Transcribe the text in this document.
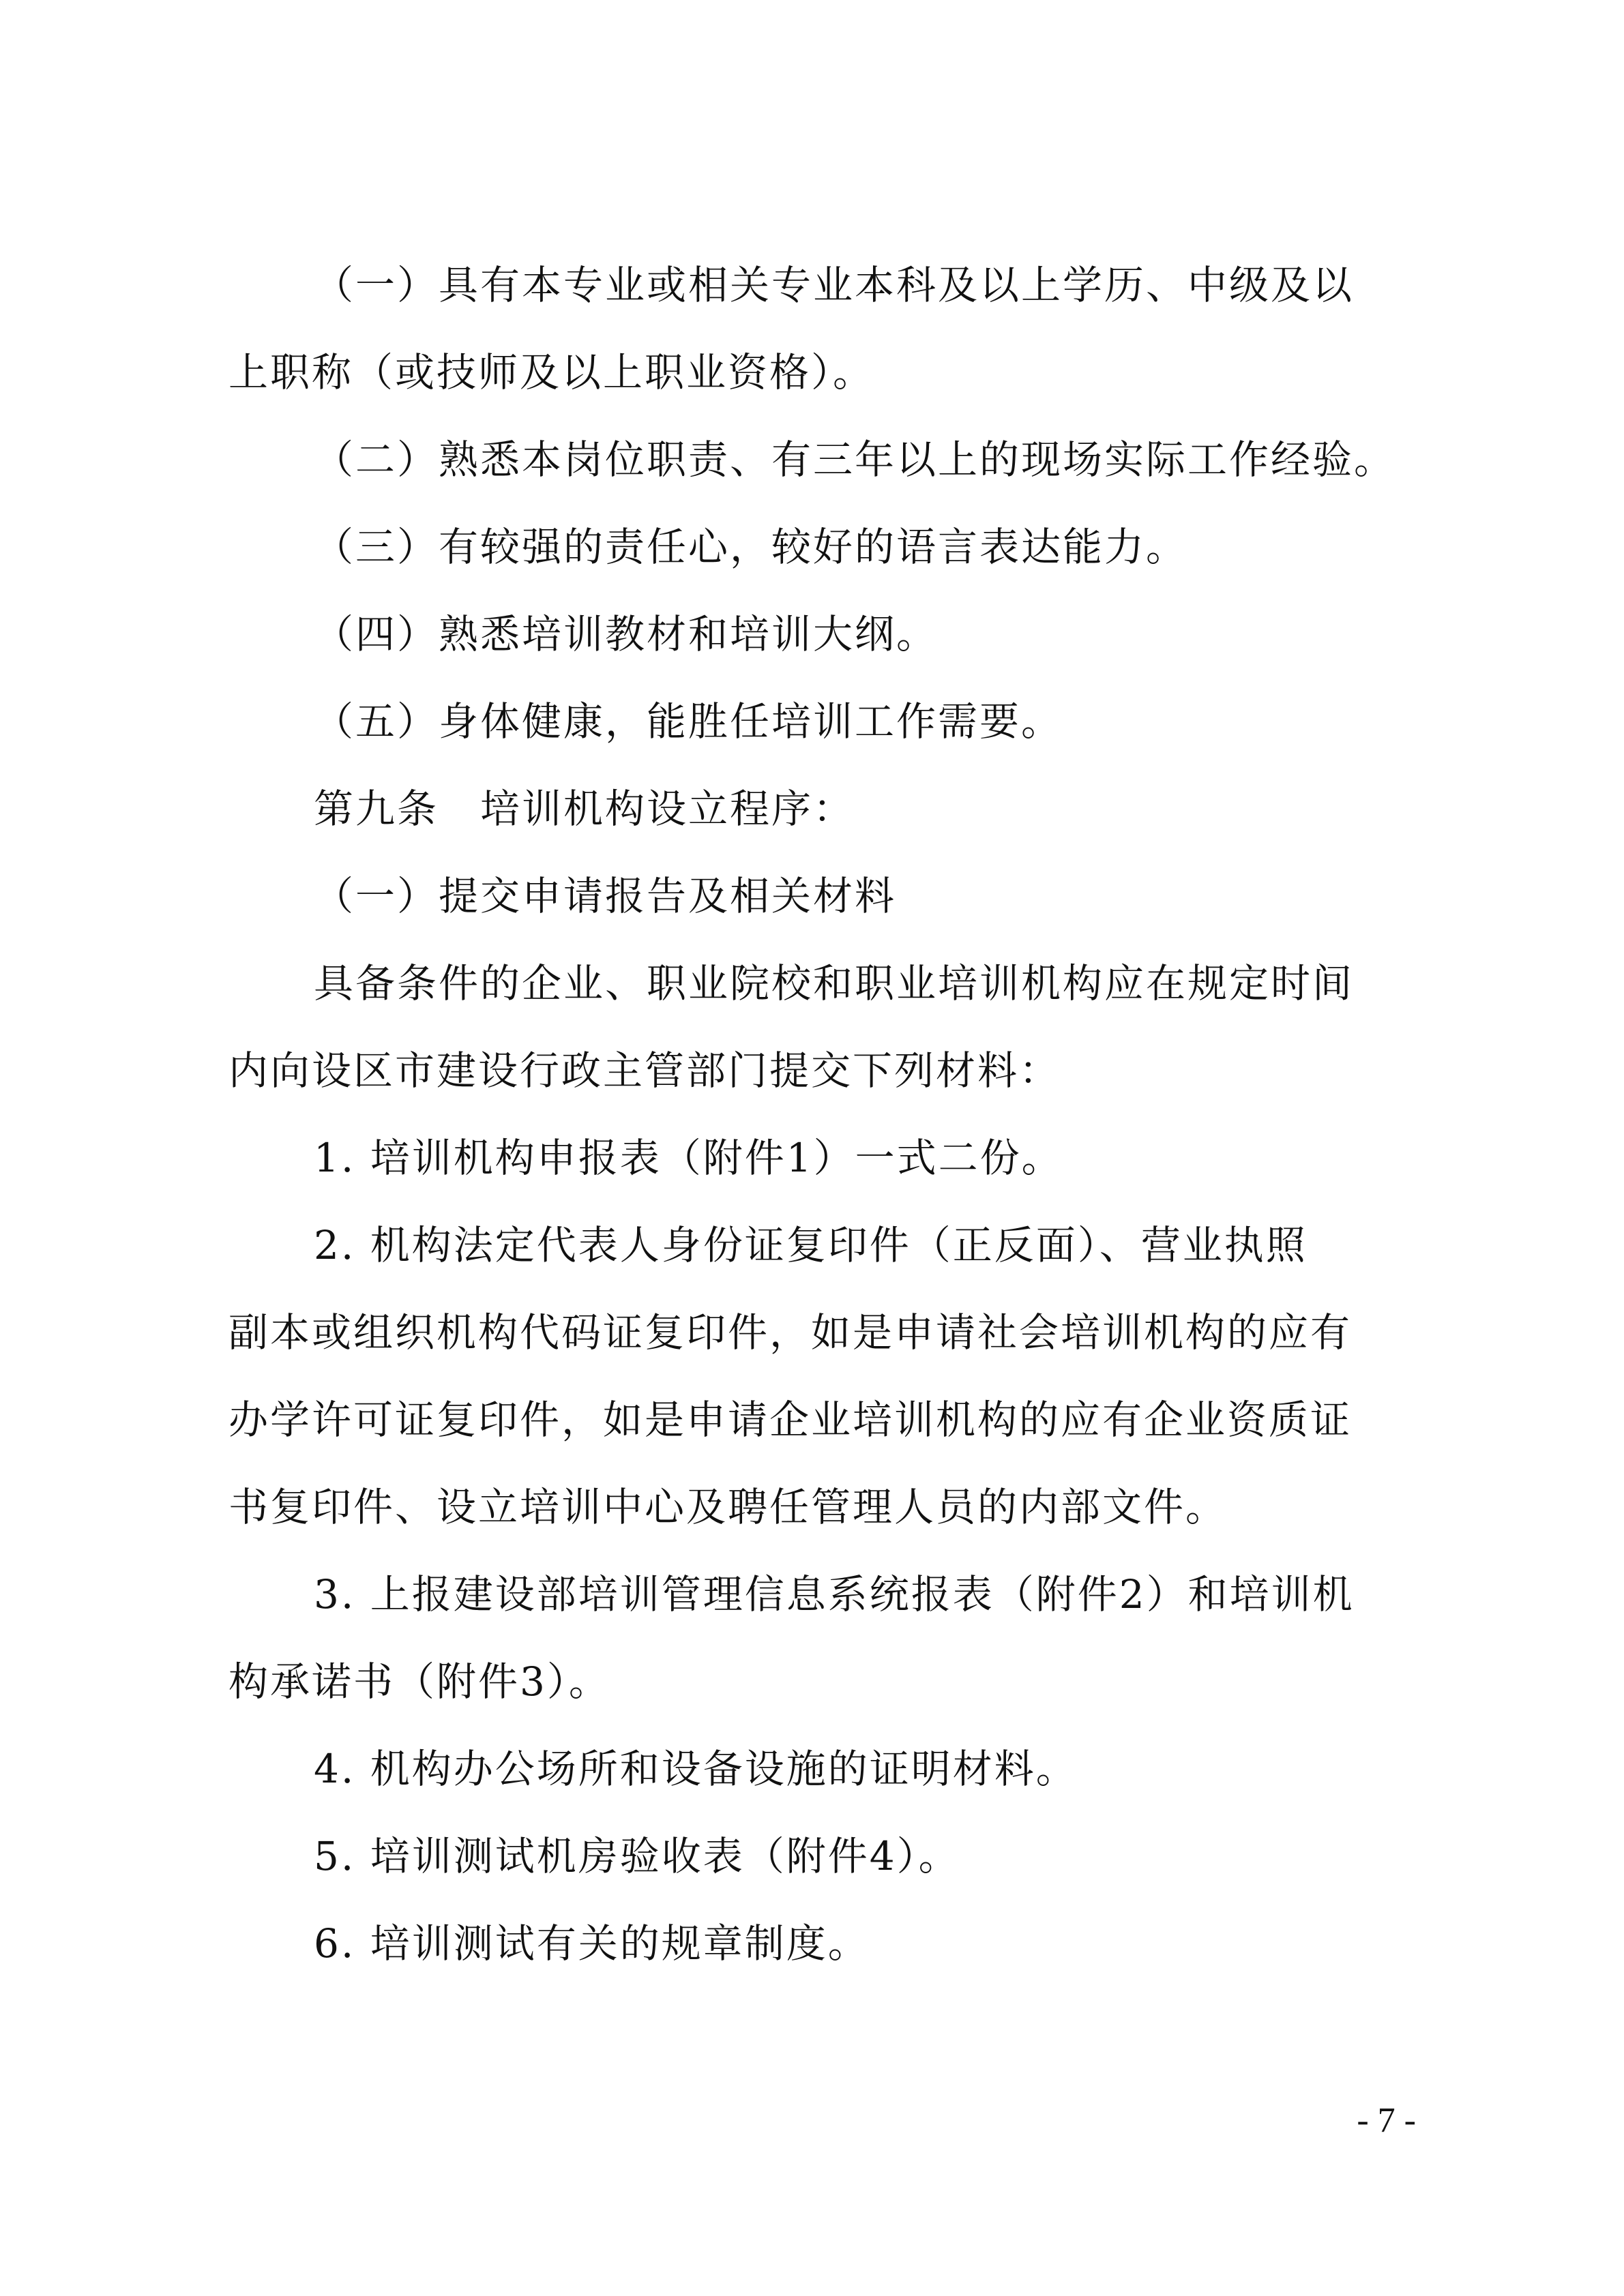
（一）具有本专业或相关专业本科及以上学历、中级及以
上职称（或技师及以上职业资格）。
（二）熟悉本岗位职责、有三年以上的现场实际工作经验。
（三）有较强的责任心，较好的语言表达能力。
（四）熟悉培训教材和培训大纲。
（五）身体健康，能胜任培训工作需要。
第九条　培训机构设立程序：
（一）提交申请报告及相关材料
具备条件的企业、职业院校和职业培训机构应在规定时间
内向设区市建设行政主管部门提交下列材料：
1. 培训机构申报表（附件1）一式二份。
2. 机构法定代表人身份证复印件（正反面）、营业执照
副本或组织机构代码证复印件，如是申请社会培训机构的应有
办学许可证复印件，如是申请企业培训机构的应有企业资质证
书复印件、设立培训中心及聘任管理人员的内部文件。
3. 上报建设部培训管理信息系统报表（附件2）和培训机
构承诺书（附件3）。
4. 机构办公场所和设备设施的证明材料。
5. 培训测试机房验收表（附件4）。
6. 培训测试有关的规章制度。
- 7 -
